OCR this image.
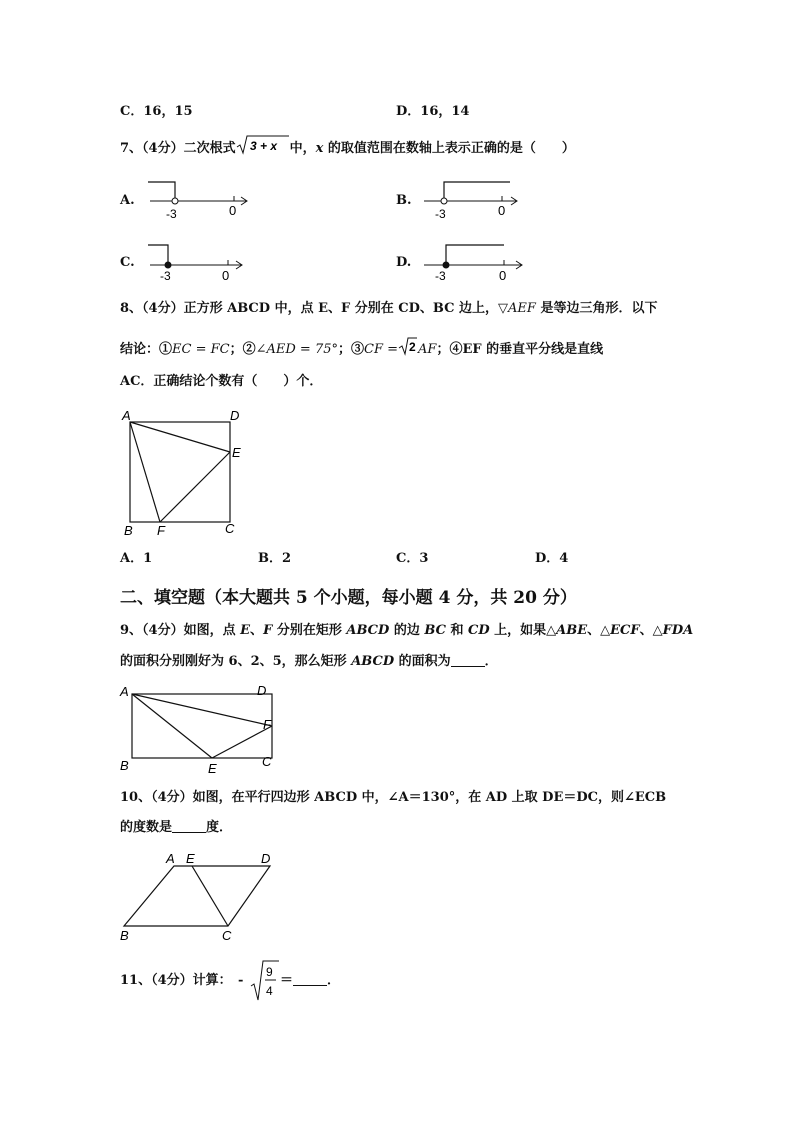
C．16，15	D．16，14
7、（4分）二次根式 3 + x 中，x 的取值范围在数轴上表示正确的是（　　）
A.	B.
C.	D.
-3	0	-3	0
-3	0	-3	0
8、（4分）正方形 ABCD 中，点 E、F 分别在 CD、BC 边上，▽AEF 是等边三角形．以下
结论：①EC = FC；②∠AED = 75°；③CF = 2 AF；④EF 的垂直平分线是直线
AC．正确结论个数有（　　）个．
A	D
E
B F	C
A．1	B．2	C．3	D．4
二、填空题（本大题共 5 个小题，每小题 4 分，共 20 分）
9、（4分）如图，点 E、F 分别在矩形 ABCD 的边 BC 和 CD 上，如果△ABE、△ECF、△FDA
的面积分别刚好为 6、2、5，那么矩形 ABCD 的面积为	．
A	D
F
B	E	C
10、（4分）如图，在平行四边形 ABCD 中，∠A＝130°，在 AD 上取 DE＝DC，则∠ECB
的度数是	度．
A E	D
B	C
11、（4分）计算： -
9
4
＝	．
